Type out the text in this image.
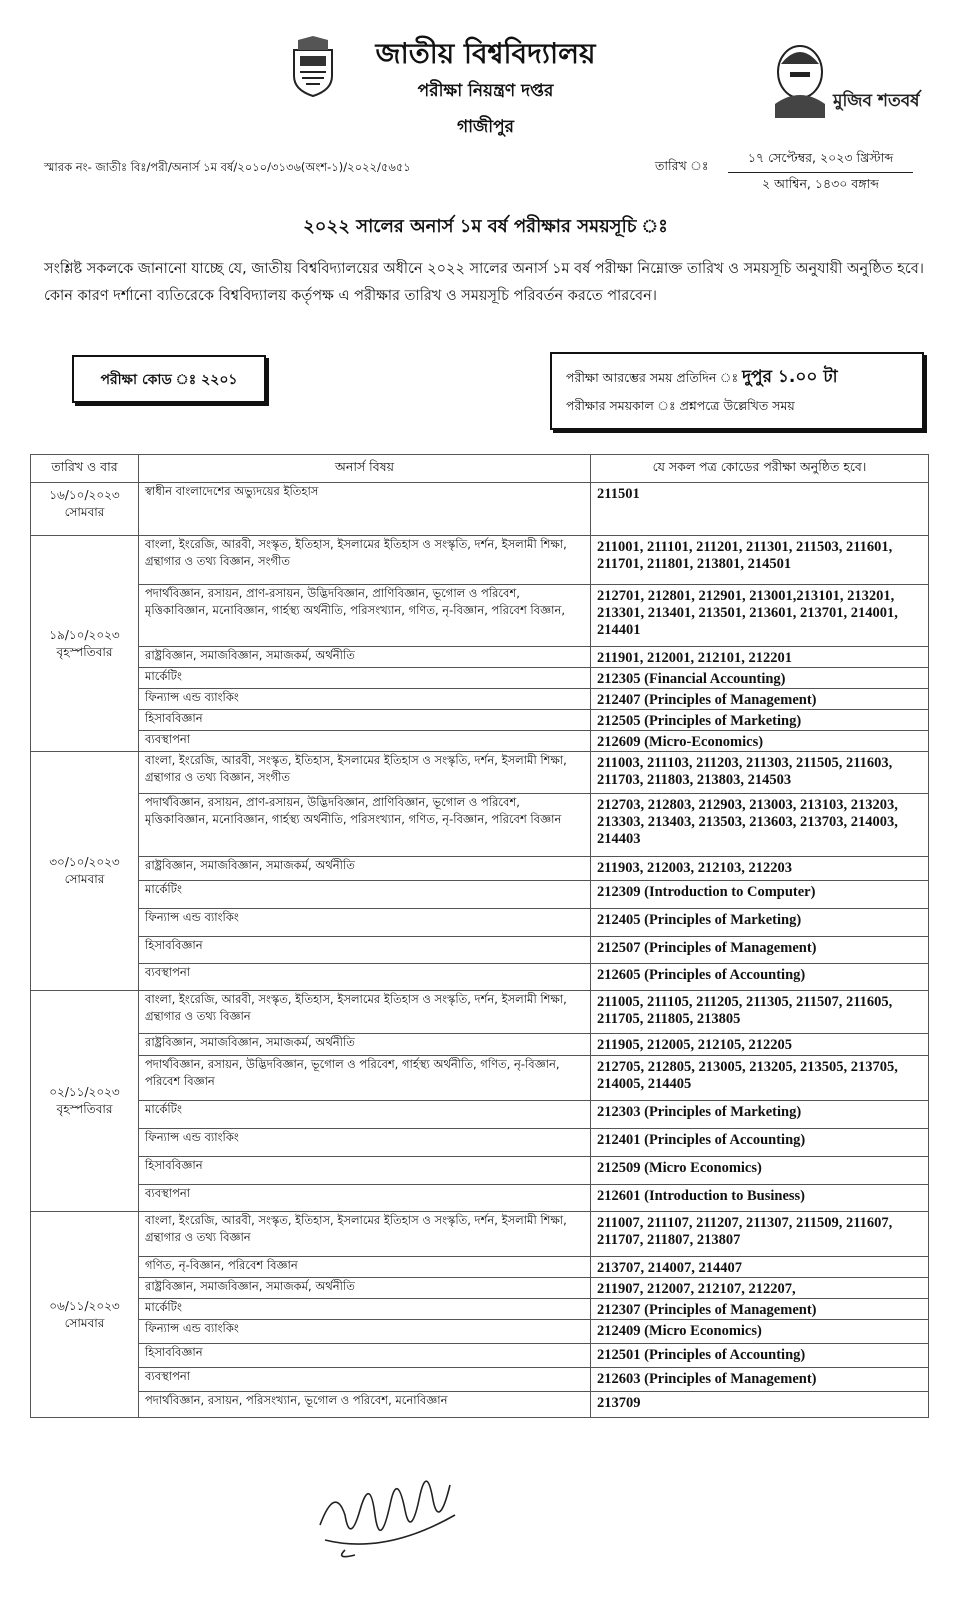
জাতীয় বিশ্ববিদ্যালয়
পরীক্ষা নিয়ন্ত্রণ দপ্তর
গাজীপুর
মুজিব শতবর্ষ
স্মারক নং- জাতীঃ বিঃ/পরী/অনার্স ১ম বর্ষ/২০১০/৩১৩৬(অংশ-১)/২০২২/৫৬৫১	তারিখ ঃ
১৭ সেপ্টেম্বর, ২০২৩ খ্রিস্টাব্দ
২ আশ্বিন, ১৪৩০ বঙ্গাব্দ
২০২২ সালের অনার্স ১ম বর্ষ পরীক্ষার সময়সূচি ঃ
সংশ্লিষ্ট সকলকে জানানো যাচ্ছে যে, জাতীয় বিশ্ববিদ্যালয়ের অধীনে ২০২২ সালের অনার্স ১ম বর্ষ পরীক্ষা নিম্নোক্ত তারিখ ও সময়সূচি অনুযায়ী অনুষ্ঠিত হবে। কোন কারণ দর্শানো ব্যতিরেকে বিশ্ববিদ্যালয় কর্তৃপক্ষ এ পরীক্ষার তারিখ ও সময়সূচি পরিবর্তন করতে পারবেন।
পরীক্ষা কোড ঃ ২২০১	পরীক্ষা আরম্ভের সময় প্রতিদিন ঃ দুপুর ১.০০ টা
পরীক্ষার সময়কাল ঃ প্রশ্নপত্রে উল্লেখিত সময়
তারিখ ও বার	অনার্স বিষয়	যে সকল পত্র কোডের পরীক্ষা অনুষ্ঠিত হবে।

১৬/১০/২০২৩
সোমবার	স্বাধীন বাংলাদেশের অভ্যুদয়ের ইতিহাস	211501

১৯/১০/২০২৩
বৃহস্পতিবার	বাংলা, ইংরেজি, আরবী, সংস্কৃত, ইতিহাস, ইসলামের ইতিহাস ও সংস্কৃতি, দর্শন, ইসলামী শিক্ষা, গ্রন্থাগার ও তথ্য বিজ্ঞান, সংগীত	211001, 211101, 211201, 211301, 211503, 211601, 211701, 211801, 213801, 214501
	পদার্থবিজ্ঞান, রসায়ন, প্রাণ-রসায়ন, উদ্ভিদবিজ্ঞান, প্রাণিবিজ্ঞান, ভূগোল ও পরিবেশ, মৃত্তিকাবিজ্ঞান, মনোবিজ্ঞান, গার্হস্থ্য অর্থনীতি, পরিসংখ্যান, গণিত, নৃ-বিজ্ঞান, পরিবেশ বিজ্ঞান,	212701, 212801, 212901, 213001,213101, 213201, 213301, 213401, 213501, 213601, 213701, 214001, 214401
	রাষ্ট্রবিজ্ঞান, সমাজবিজ্ঞান, সমাজকর্ম, অর্থনীতি	211901, 212001, 212101, 212201
	মার্কেটিং	212305 (Financial Accounting)
	ফিন্যান্স এন্ড ব্যাংকিং	212407 (Principles of Management)
	হিসাববিজ্ঞান	212505 (Principles of Marketing)
	ব্যবস্থাপনা	212609 (Micro-Economics)

৩০/১০/২০২৩
সোমবার	বাংলা, ইংরেজি, আরবী, সংস্কৃত, ইতিহাস, ইসলামের ইতিহাস ও সংস্কৃতি, দর্শন, ইসলামী শিক্ষা, গ্রন্থাগার ও তথ্য বিজ্ঞান, সংগীত	211003, 211103, 211203, 211303, 211505, 211603, 211703, 211803, 213803, 214503
	পদার্থবিজ্ঞান, রসায়ন, প্রাণ-রসায়ন, উদ্ভিদবিজ্ঞান, প্রাণিবিজ্ঞান, ভূগোল ও পরিবেশ, মৃত্তিকাবিজ্ঞান, মনোবিজ্ঞান, গার্হস্থ্য অর্থনীতি, পরিসংখ্যান, গণিত, নৃ-বিজ্ঞান, পরিবেশ বিজ্ঞান	212703, 212803, 212903, 213003, 213103, 213203, 213303, 213403, 213503, 213603, 213703, 214003, 214403
	রাষ্ট্রবিজ্ঞান, সমাজবিজ্ঞান, সমাজকর্ম, অর্থনীতি	211903, 212003, 212103, 212203
	মার্কেটিং	212309 (Introduction to Computer)
	ফিন্যান্স এন্ড ব্যাংকিং	212405 (Principles of Marketing)
	হিসাববিজ্ঞান	212507 (Principles of Management)
	ব্যবস্থাপনা	212605 (Principles of Accounting)

০২/১১/২০২৩
বৃহস্পতিবার	বাংলা, ইংরেজি, আরবী, সংস্কৃত, ইতিহাস, ইসলামের ইতিহাস ও সংস্কৃতি, দর্শন, ইসলামী শিক্ষা, গ্রন্থাগার ও তথ্য বিজ্ঞান	211005, 211105, 211205, 211305, 211507, 211605, 211705, 211805, 213805
	রাষ্ট্রবিজ্ঞান, সমাজবিজ্ঞান, সমাজকর্ম, অর্থনীতি	211905, 212005, 212105, 212205
	পদার্থবিজ্ঞান, রসায়ন, উদ্ভিদবিজ্ঞান, ভূগোল ও পরিবেশ, গার্হস্থ্য অর্থনীতি, গণিত, নৃ-বিজ্ঞান, পরিবেশ বিজ্ঞান	212705, 212805, 213005, 213205, 213505, 213705, 214005, 214405
	মার্কেটিং	212303 (Principles of Marketing)
	ফিন্যান্স এন্ড ব্যাংকিং	212401 (Principles of Accounting)
	হিসাববিজ্ঞান	212509 (Micro Economics)
	ব্যবস্থাপনা	212601 (Introduction to Business)

০৬/১১/২০২৩
সোমবার	বাংলা, ইংরেজি, আরবী, সংস্কৃত, ইতিহাস, ইসলামের ইতিহাস ও সংস্কৃতি, দর্শন, ইসলামী শিক্ষা, গ্রন্থাগার ও তথ্য বিজ্ঞান	211007, 211107, 211207, 211307, 211509, 211607, 211707, 211807, 213807
	গণিত, নৃ-বিজ্ঞান, পরিবেশ বিজ্ঞান	213707, 214007, 214407
	রাষ্ট্রবিজ্ঞান, সমাজবিজ্ঞান, সমাজকর্ম, অর্থনীতি	211907, 212007, 212107, 212207,
	মার্কেটিং	212307 (Principles of Management)
	ফিন্যান্স এন্ড ব্যাংকিং	212409 (Micro Economics)
	হিসাববিজ্ঞান	212501 (Principles of Accounting)
	ব্যবস্থাপনা	212603 (Principles of Management)
	পদার্থবিজ্ঞান, রসায়ন, পরিসংখ্যান, ভূগোল ও পরিবেশ, মনোবিজ্ঞান	213709
